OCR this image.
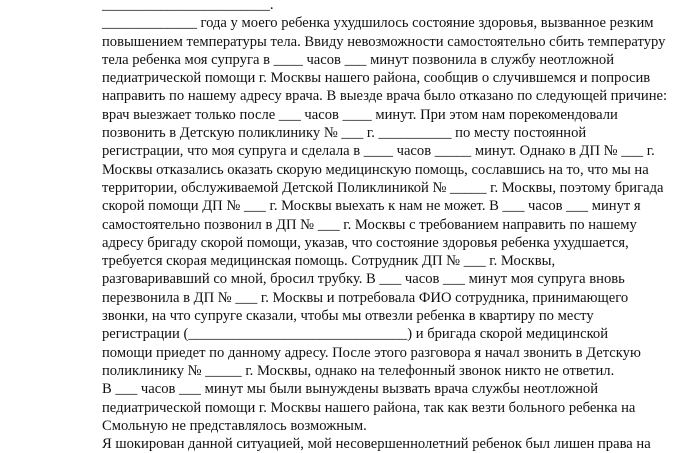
_______________________.
_____________ года у моего ребенка ухудшилось состояние здоровья, вызванное резким
повышением температуры тела. Ввиду невозможности самостоятельно сбить температуру
тела ребенка моя супруга в ____ часов ___ минут позвонила в службу неотложной
педиатрической помощи г. Москвы нашего района, сообщив о случившемся и попросив
направить по нашему адресу врача. В выезде врача было отказано по следующей причине:
врач выезжает только после ___ часов ____ минут. При этом нам порекомендовали
позвонить в Детскую поликлинику № ___ г. __________ по месту постоянной
регистрации, что моя супруга и сделала в ____ часов _____ минут. Однако в ДП № ___ г.
Москвы отказались оказать скорую медицинскую помощь, сославшись на то, что мы на
территории, обслуживаемой Детской Поликлиникой № _____ г. Москвы, поэтому бригада
скорой помощи ДП № ___ г. Москвы выехать к нам не может. В ___ часов ___ минут я
самостоятельно позвонил в ДП № ___ г. Москвы с требованием направить по нашему
адресу бригаду скорой помощи, указав, что состояние здоровья ребенка ухудшается,
требуется скорая медицинская помощь. Сотрудник ДП № ___ г. Москвы,
разговаривавший со мной, бросил трубку. В ___ часов ___ минут моя супруга вновь
перезвонила в ДП № ___ г. Москвы и потребовала ФИО сотрудника, принимающего
звонки, на что супруге сказали, чтобы мы отвезли ребенка в квартиру по месту
регистрации (______________________________) и бригада скорой медицинской
помощи приедет по данному адресу. После этого разговора я начал звонить в Детскую
поликлинику № _____ г. Москвы, однако на телефонный звонок никто не ответил.
В ___ часов ___ минут мы были вынуждены вызвать врача службы неотложной
педиатрической помощи г. Москвы нашего района, так как везти больного ребенка на
Смольную не представлялось возможным.
Я шокирован данной ситуацией, мой несовершеннолетний ребенок был лишен права на
